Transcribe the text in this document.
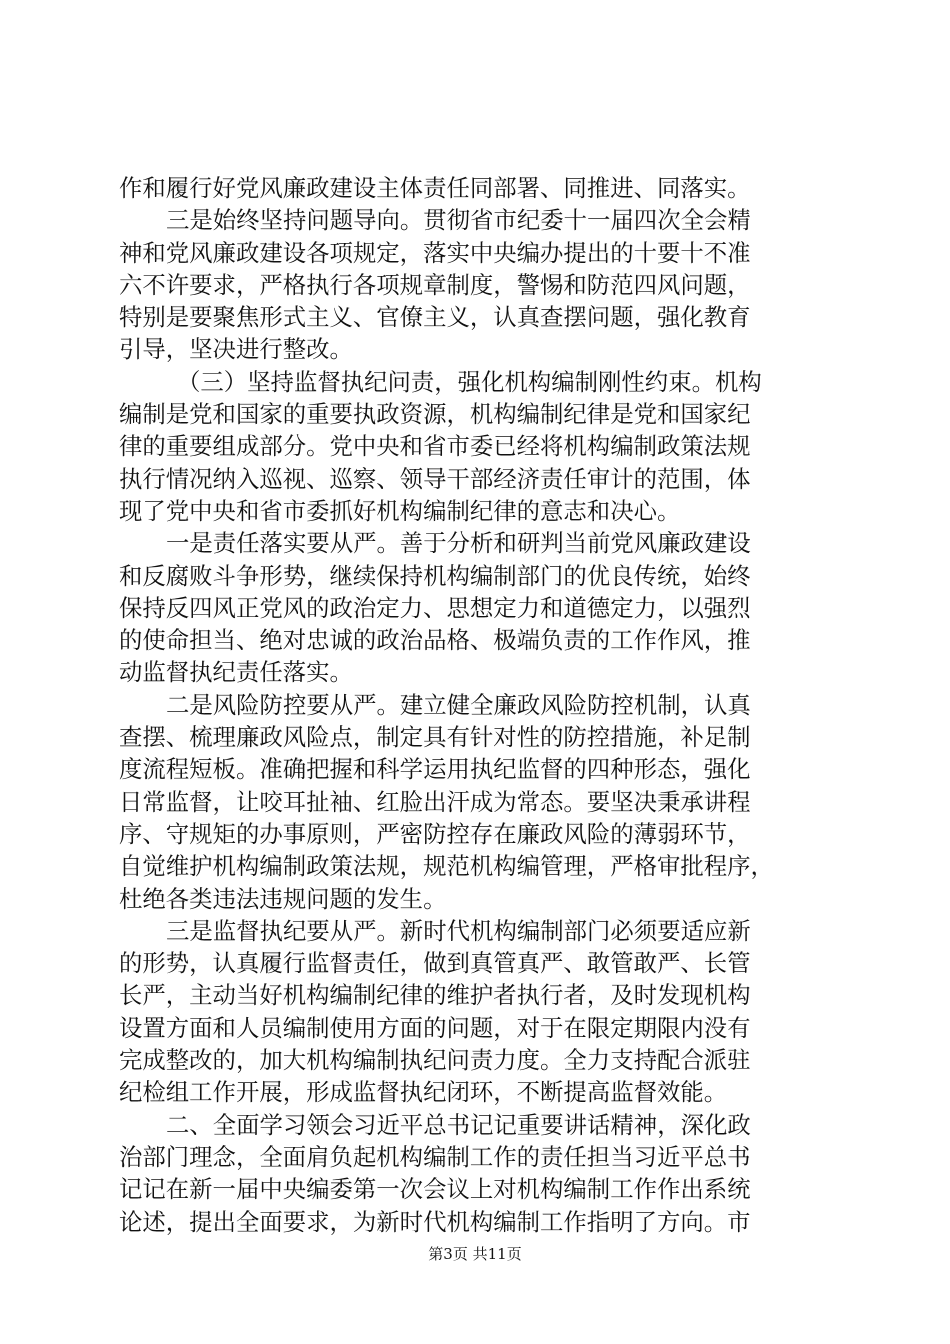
作和履行好党风廉政建设主体责任同部署、同推进、同落实。
三是始终坚持问题导向。贯彻省市纪委十一届四次全会精
神和党风廉政建设各项规定，落实中央编办提出的十要十不准
六不许要求，严格执行各项规章制度，警惕和防范四风问题，
特别是要聚焦形式主义、官僚主义，认真查摆问题，强化教育
引导，坚决进行整改。
（三）坚持监督执纪问责，强化机构编制刚性约束。机构
编制是党和国家的重要执政资源，机构编制纪律是党和国家纪
律的重要组成部分。党中央和省市委已经将机构编制政策法规
执行情况纳入巡视、巡察、领导干部经济责任审计的范围，体
现了党中央和省市委抓好机构编制纪律的意志和决心。
一是责任落实要从严。善于分析和研判当前党风廉政建设
和反腐败斗争形势，继续保持机构编制部门的优良传统，始终
保持反四风正党风的政治定力、思想定力和道德定力，以强烈
的使命担当、绝对忠诚的政治品格、极端负责的工作作风，推
动监督执纪责任落实。
二是风险防控要从严。建立健全廉政风险防控机制，认真
查摆、梳理廉政风险点，制定具有针对性的防控措施，补足制
度流程短板。准确把握和科学运用执纪监督的四种形态，强化
日常监督，让咬耳扯袖、红脸出汗成为常态。要坚决秉承讲程
序、守规矩的办事原则，严密防控存在廉政风险的薄弱环节，
自觉维护机构编制政策法规，规范机构编管理，严格审批程序，
杜绝各类违法违规问题的发生。
三是监督执纪要从严。新时代机构编制部门必须要适应新
的形势，认真履行监督责任，做到真管真严、敢管敢严、长管
长严，主动当好机构编制纪律的维护者执行者，及时发现机构
设置方面和人员编制使用方面的问题，对于在限定期限内没有
完成整改的，加大机构编制执纪问责力度。全力支持配合派驻
纪检组工作开展，形成监督执纪闭环，不断提高监督效能。
二、全面学习领会习近平总书记记重要讲话精神，深化政
治部门理念，全面肩负起机构编制工作的责任担当习近平总书
记记在新一届中央编委第一次会议上对机构编制工作作出系统
论述，提出全面要求，为新时代机构编制工作指明了方向。市
第3页 共11页
